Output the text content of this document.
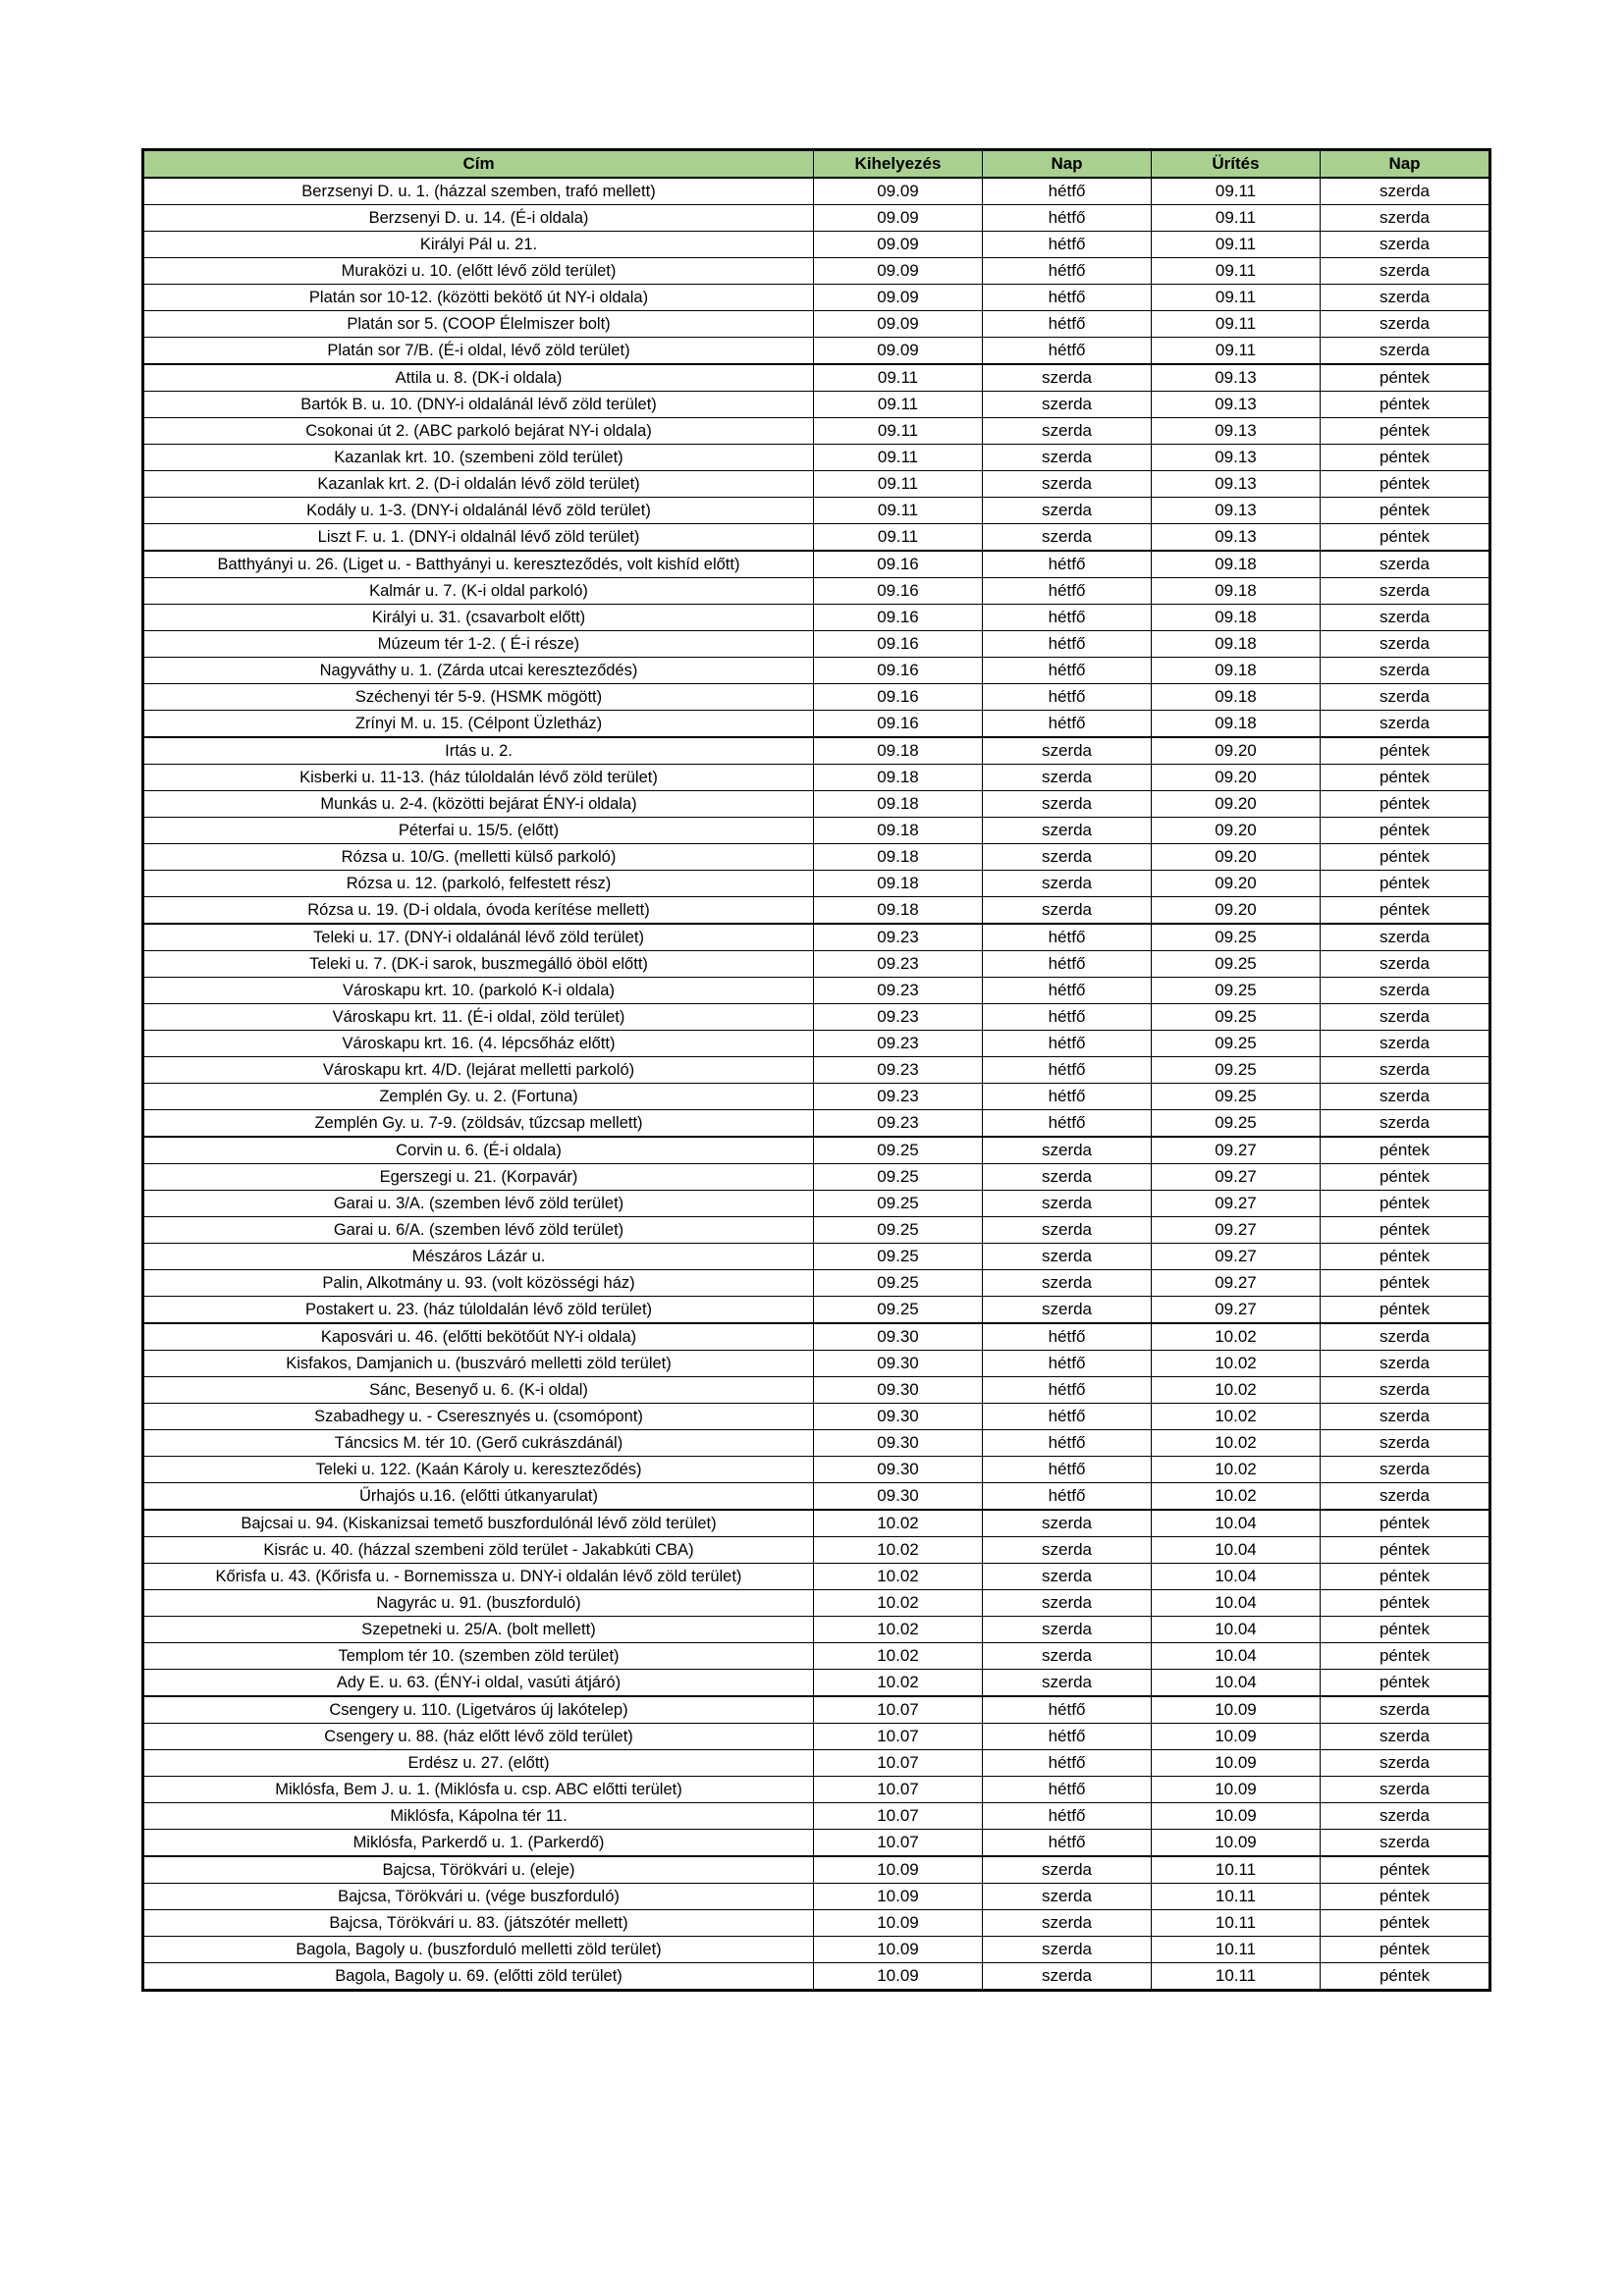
Cím	Kihelyezés	Nap	Ürítés	Nap
Berzsenyi D. u. 1. (házzal szemben, trafó mellett)	09.09	hétfő	09.11	szerda
Berzsenyi D. u. 14. (É-i oldala)	09.09	hétfő	09.11	szerda
Királyi Pál u. 21.	09.09	hétfő	09.11	szerda
Muraközi u. 10. (előtt lévő zöld terület)	09.09	hétfő	09.11	szerda
Platán sor 10-12. (közötti bekötő út NY-i oldala)	09.09	hétfő	09.11	szerda
Platán sor 5. (COOP Élelmiszer bolt)	09.09	hétfő	09.11	szerda
Platán sor 7/B. (É-i oldal, lévő zöld terület)	09.09	hétfő	09.11	szerda
Attila u. 8. (DK-i oldala)	09.11	szerda	09.13	péntek
Bartók B. u. 10. (DNY-i oldalánál lévő zöld terület)	09.11	szerda	09.13	péntek
Csokonai út 2. (ABC parkoló bejárat NY-i oldala)	09.11	szerda	09.13	péntek
Kazanlak krt. 10. (szembeni zöld terület)	09.11	szerda	09.13	péntek
Kazanlak krt. 2. (D-i oldalán lévő zöld terület)	09.11	szerda	09.13	péntek
Kodály u. 1-3. (DNY-i oldalánál lévő zöld terület)	09.11	szerda	09.13	péntek
Liszt F. u. 1. (DNY-i oldalnál lévő zöld terület)	09.11	szerda	09.13	péntek
Batthyányi u. 26. (Liget u. - Batthyányi u. kereszteződés, volt kishíd előtt)	09.16	hétfő	09.18	szerda
Kalmár u. 7. (K-i oldal parkoló)	09.16	hétfő	09.18	szerda
Királyi u. 31. (csavarbolt előtt)	09.16	hétfő	09.18	szerda
Múzeum tér 1-2. ( É-i része)	09.16	hétfő	09.18	szerda
Nagyváthy u. 1. (Zárda utcai kereszteződés)	09.16	hétfő	09.18	szerda
Széchenyi tér 5-9. (HSMK mögött)	09.16	hétfő	09.18	szerda
Zrínyi M. u. 15. (Célpont Üzletház)	09.16	hétfő	09.18	szerda
Irtás u. 2.	09.18	szerda	09.20	péntek
Kisberki u. 11-13. (ház túloldalán lévő zöld terület)	09.18	szerda	09.20	péntek
Munkás u. 2-4. (közötti bejárat ÉNY-i oldala)	09.18	szerda	09.20	péntek
Péterfai u. 15/5. (előtt)	09.18	szerda	09.20	péntek
Rózsa u. 10/G. (melletti külső parkoló)	09.18	szerda	09.20	péntek
Rózsa u. 12. (parkoló, felfestett rész)	09.18	szerda	09.20	péntek
Rózsa u. 19. (D-i oldala, óvoda kerítése mellett)	09.18	szerda	09.20	péntek
Teleki u. 17. (DNY-i oldalánál lévő zöld terület)	09.23	hétfő	09.25	szerda
Teleki u. 7. (DK-i sarok, buszmegálló öböl előtt)	09.23	hétfő	09.25	szerda
Városkapu krt. 10. (parkoló K-i oldala)	09.23	hétfő	09.25	szerda
Városkapu krt. 11. (É-i oldal, zöld terület)	09.23	hétfő	09.25	szerda
Városkapu krt. 16. (4. lépcsőház előtt)	09.23	hétfő	09.25	szerda
Városkapu krt. 4/D. (lejárat melletti parkoló)	09.23	hétfő	09.25	szerda
Zemplén Gy. u. 2. (Fortuna)	09.23	hétfő	09.25	szerda
Zemplén Gy. u. 7-9. (zöldsáv, tűzcsap mellett)	09.23	hétfő	09.25	szerda
Corvin u. 6. (É-i oldala)	09.25	szerda	09.27	péntek
Egerszegi u. 21. (Korpavár)	09.25	szerda	09.27	péntek
Garai u. 3/A. (szemben lévő zöld terület)	09.25	szerda	09.27	péntek
Garai u. 6/A. (szemben lévő zöld terület)	09.25	szerda	09.27	péntek
Mészáros Lázár u.	09.25	szerda	09.27	péntek
Palin, Alkotmány u. 93. (volt közösségi ház)	09.25	szerda	09.27	péntek
Postakert u. 23. (ház túloldalán lévő zöld terület)	09.25	szerda	09.27	péntek
Kaposvári u. 46. (előtti bekötőút NY-i oldala)	09.30	hétfő	10.02	szerda
Kisfakos, Damjanich u. (buszváró melletti zöld terület)	09.30	hétfő	10.02	szerda
Sánc, Besenyő u. 6. (K-i oldal)	09.30	hétfő	10.02	szerda
Szabadhegy u. - Cseresznyés u. (csomópont)	09.30	hétfő	10.02	szerda
Táncsics M. tér 10. (Gerő cukrászdánál)	09.30	hétfő	10.02	szerda
Teleki u. 122. (Kaán Károly u. kereszteződés)	09.30	hétfő	10.02	szerda
Űrhajós u.16. (előtti útkanyarulat)	09.30	hétfő	10.02	szerda
Bajcsai u. 94. (Kiskanizsai temető buszfordulónál lévő zöld terület)	10.02	szerda	10.04	péntek
Kisrác u. 40. (házzal szembeni zöld terület - Jakabkúti CBA)	10.02	szerda	10.04	péntek
Kőrisfa u. 43. (Kőrisfa u. - Bornemissza u. DNY-i oldalán lévő zöld terület)	10.02	szerda	10.04	péntek
Nagyrác u. 91. (buszforduló)	10.02	szerda	10.04	péntek
Szepetneki u. 25/A. (bolt mellett)	10.02	szerda	10.04	péntek
Templom tér 10. (szemben zöld terület)	10.02	szerda	10.04	péntek
Ady E. u. 63. (ÉNY-i oldal, vasúti átjáró)	10.02	szerda	10.04	péntek
Csengery u. 110. (Ligetváros új lakótelep)	10.07	hétfő	10.09	szerda
Csengery u. 88. (ház előtt lévő zöld terület)	10.07	hétfő	10.09	szerda
Erdész u. 27. (előtt)	10.07	hétfő	10.09	szerda
Miklósfa, Bem J. u. 1. (Miklósfa u. csp. ABC előtti terület)	10.07	hétfő	10.09	szerda
Miklósfa, Kápolna tér 11.	10.07	hétfő	10.09	szerda
Miklósfa, Parkerdő u. 1. (Parkerdő)	10.07	hétfő	10.09	szerda
Bajcsa, Törökvári u. (eleje)	10.09	szerda	10.11	péntek
Bajcsa, Törökvári u. (vége buszforduló)	10.09	szerda	10.11	péntek
Bajcsa, Törökvári u. 83. (játszótér mellett)	10.09	szerda	10.11	péntek
Bagola, Bagoly u. (buszforduló melletti zöld terület)	10.09	szerda	10.11	péntek
Bagola, Bagoly u. 69. (előtti zöld terület)	10.09	szerda	10.11	péntek
